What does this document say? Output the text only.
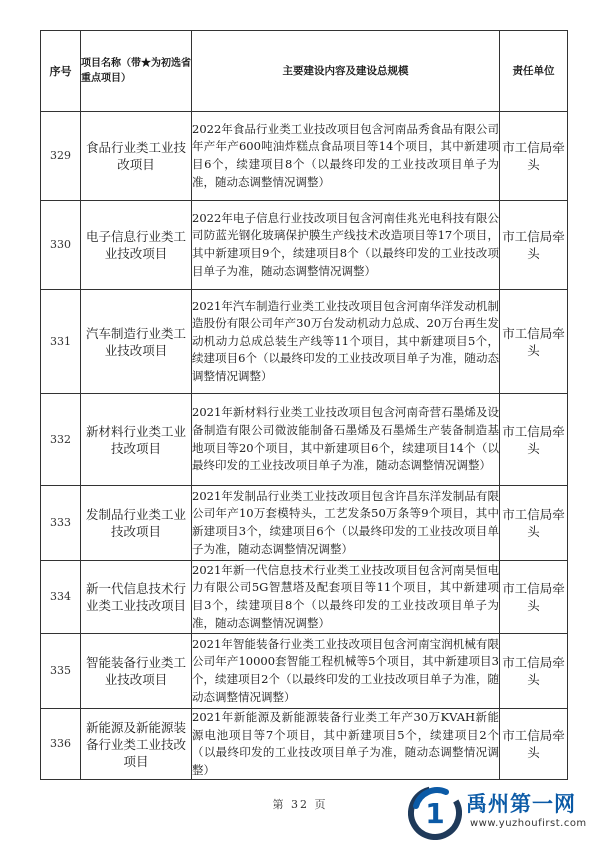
序号	项目名称（带★为初选省重点项目）	主要建设内容及建设总规模	责任单位
329	食品行业类工业技改项目	2022年食品行业类工业技改项目包含河南品秀食品有限公司年产年产600吨油炸糕点食品项目等14个项目，其中新建项目6个，续建项目8个（以最终印发的工业技改项目单子为准，随动态调整情况调整）	市工信局牵头
330	电子信息行业类工业技改项目	2022年电子信息行业技改项目包含河南佳兆光电科技有限公司防蓝光钢化玻璃保护膜生产线技术改造项目等17个项目，其中新建项目9个，续建项目8个（以最终印发的工业技改项目单子为准，随动态调整情况调整）	市工信局牵头
331	汽车制造行业类工业技改项目	2021年汽车制造行业类工业技改项目包含河南华洋发动机制造股份有限公司年产30万台发动机动力总成、20万台再生发动机动力总成总装生产线等11个项目，其中新建项目5个，续建项目6个（以最终印发的工业技改项目单子为准，随动态调整情况调整）	市工信局牵头
332	新材料行业类工业技改项目	2021年新材料行业类工业技改项目包含河南奇营石墨烯及设备制造有限公司微波能制备石墨烯及石墨烯生产装备制造基地项目等20个项目，其中新建项目6个，续建项目14个（以最终印发的工业技改项目单子为准，随动态调整情况调整）	市工信局牵头
333	发制品行业类工业技改项目	2021年发制品行业类工业技改项目包含许昌东洋发制品有限公司年产10万套模特头，工艺发条50万条等9个项目，其中新建项目3个，续建项目6个（以最终印发的工业技改项目单子为准，随动态调整情况调整）	市工信局牵头
334	新一代信息技术行业类工业技改项目	2021年新一代信息技术行业类工业技改项目包含河南昊恒电力有限公司5G智慧塔及配套项目等11个项目，其中新建项目3个，续建项目8个（以最终印发的工业技改项目单子为准，随动态调整情况调整）	市工信局牵头
335	智能装备行业类工业技改项目	2021年智能装备行业类工业技改项目包含河南宝润机械有限公司年产10000套智能工程机械等5个项目，其中新建项目3个，续建项目2个（以最终印发的工业技改项目单子为准，随动态调整情况调整）	市工信局牵头
336	新能源及新能源装备行业类工业技改项目	2021年新能源及新能源装备行业类工年产30万KVAH新能源电池项目等7个项目，其中新建项目5个，续建项目2个（以最终印发的工业技改项目单子为准，随动态调整情况调整）	市工信局牵头
第 32 页	1 禹州第一网
www.yuzhoufirst.com
